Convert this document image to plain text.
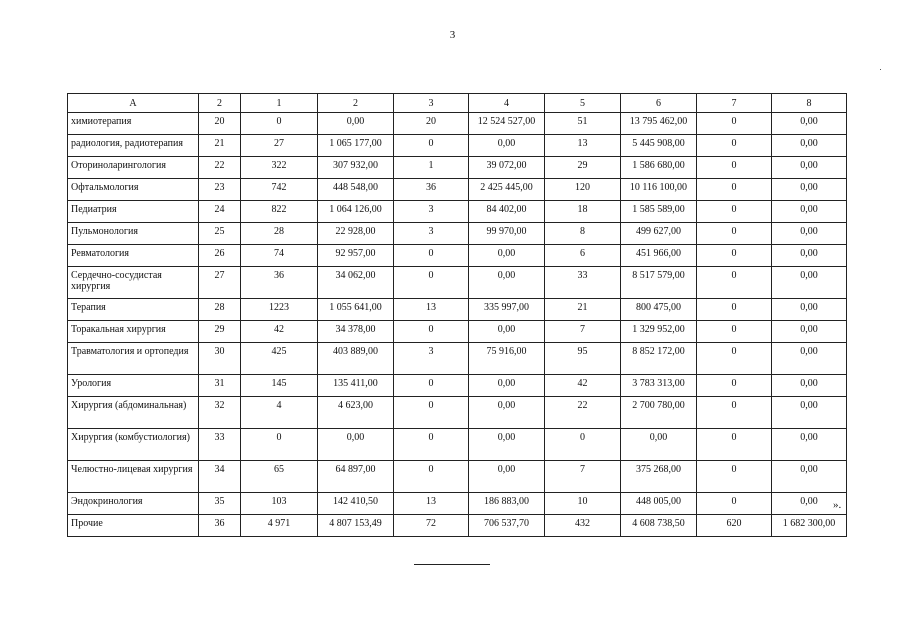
3
А	2	1	2	3	4	5	6	7	8
химиотерапия	20	0	0,00	20	12 524 527,00	51	13 795 462,00	0	0,00
радиология, радиотерапия	21	27	1 065 177,00	0	0,00	13	5 445 908,00	0	0,00
Оториноларингология	22	322	307 932,00	1	39 072,00	29	1 586 680,00	0	0,00
Офтальмология	23	742	448 548,00	36	2 425 445,00	120	10 116 100,00	0	0,00
Педиатрия	24	822	1 064 126,00	3	84 402,00	18	1 585 589,00	0	0,00
Пульмонология	25	28	22 928,00	3	99 970,00	8	499 627,00	0	0,00
Ревматология	26	74	92 957,00	0	0,00	6	451 966,00	0	0,00
Сердечно-сосудистая хирургия	27	36	34 062,00	0	0,00	33	8 517 579,00	0	0,00
Терапия	28	1223	1 055 641,00	13	335 997,00	21	800 475,00	0	0,00
Торакальная хирургия	29	42	34 378,00	0	0,00	7	1 329 952,00	0	0,00
Травматология и ортопедия	30	425	403 889,00	3	75 916,00	95	8 852 172,00	0	0,00
Урология	31	145	135 411,00	0	0,00	42	3 783 313,00	0	0,00
Хирургия (абдоминальная)	32	4	4 623,00	0	0,00	22	2 700 780,00	0	0,00
Хирургия (комбустиология)	33	0	0,00	0	0,00	0	0,00	0	0,00
Челюстно-лицевая хирургия	34	65	64 897,00	0	0,00	7	375 268,00	0	0,00
Эндокринология	35	103	142 410,50	13	186 883,00	10	448 005,00	0	0,00
Прочие	36	4 971	4 807 153,49	72	706 537,70	432	4 608 738,50	620	1 682 300,00
».
